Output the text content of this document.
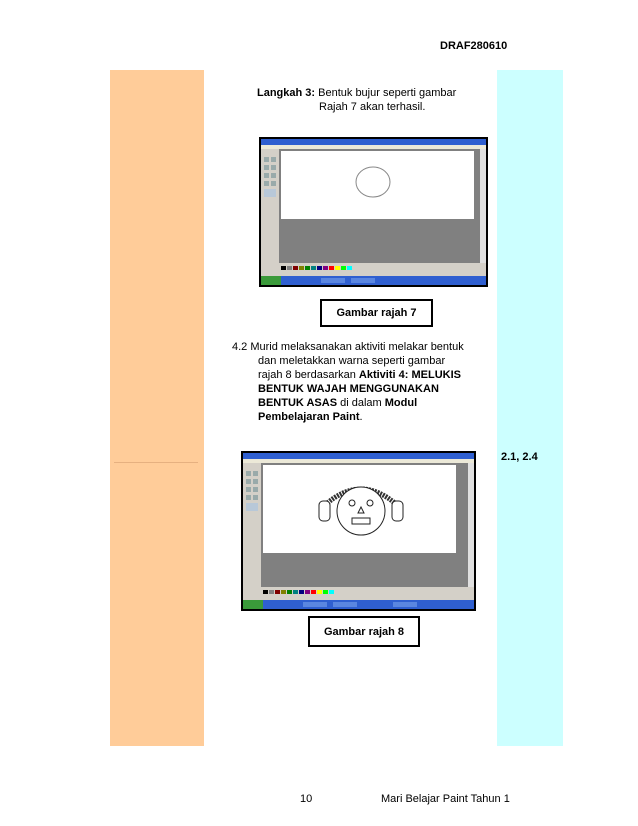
DRAF280610
2.1, 2.4
Langkah 3: Bentuk bujur seperti gambar
Rajah 7 akan terhasil.
Gambar rajah 7
4.2 Murid melaksanakan aktiviti melakar bentuk
dan meletakkan warna seperti gambar
rajah 8 berdasarkan Aktiviti 4: MELUKIS
BENTUK WAJAH MENGGUNAKAN
BENTUK ASAS di dalam Modul
Pembelajaran Paint.
Gambar rajah 8
10	Mari Belajar Paint Tahun 1
